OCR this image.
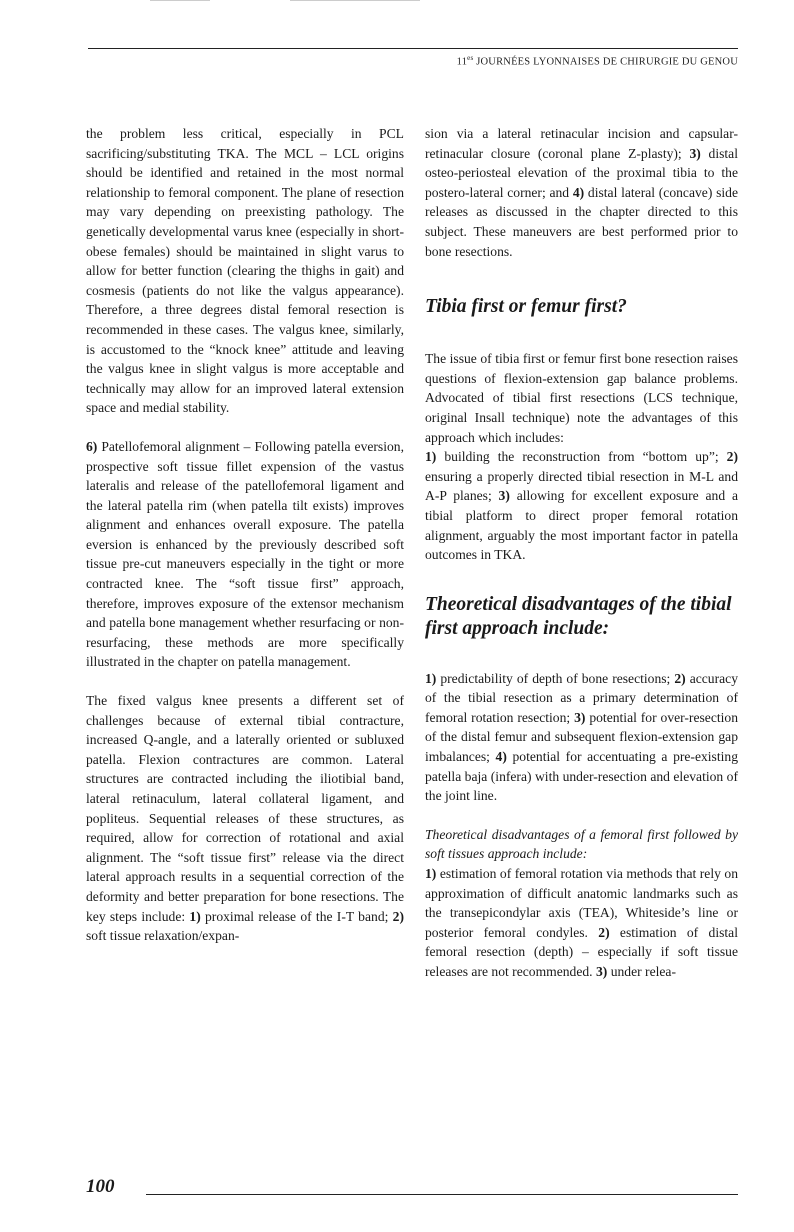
$11^{es}$ JOURNÉES LYONNAISES DE CHIRURGIE DU GENOU

the problem less critical, especially in PCL sacrificing/substituting TKA. The MCL – LCL origins should be identified and retained in the most normal relationship to femoral component. The plane of resection may vary depending on preexisting pathology. The genetically developmental varus knee (especially in short-obese females) should be maintained in slight varus to allow for better function (clearing the thighs in gait) and cosmesis (patients do not like the valgus appearance). Therefore, a three degrees distal femoral resection is recommended in these cases. The valgus knee, similarly, is accustomed to the “knock knee” attitude and leaving the valgus knee in slight valgus is more acceptable and technically may allow for an improved lateral extension space and medial stability.

6) Patellofemoral alignment – Following patella eversion, prospective soft tissue fillet expension of the vastus lateralis and release of the patellofemoral ligament and the lateral patella rim (when patella tilt exists) improves alignment and enhances overall exposure. The patella eversion is enhanced by the previously described soft tissue pre-cut maneuvers especially in the tight or more contracted knee. The “soft tissue first” approach, therefore, improves exposure of the extensor mechanism and patella bone management whether resurfacing or non-resurfacing, these methods are more specifically illustrated in the chapter on patella management.

The fixed valgus knee presents a different set of challenges because of external tibial contracture, increased Q-angle, and a laterally oriented or subluxed patella. Flexion contractures are common. Lateral structures are contracted including the iliotibial band, lateral retinaculum, lateral collateral ligament, and popliteus. Sequential releases of these structures, as required, allow for correction of rotational and axial alignment. The “soft tissue first” release via the direct lateral approach results in a sequential correction of the deformity and better preparation for bone resections. The key steps include: 1) proximal release of the I-T band; 2) soft tissue relaxation/expan-

sion via a lateral retinacular incision and capsular-retinacular closure (coronal plane Z-plasty); 3) distal osteo-periosteal elevation of the proximal tibia to the postero-lateral corner; and 4) distal lateral (concave) side releases as discussed in the chapter directed to this subject. These maneuvers are best performed prior to bone resections.

Tibia first or femur first?

The issue of tibia first or femur first bone resection raises questions of flexion-extension gap balance problems. Advocated of tibial first resections (LCS technique, original Insall technique) note the advantages of this approach which includes:

1) building the reconstruction from “bottom up”; 2) ensuring a properly directed tibial resection in M-L and A-P planes; 3) allowing for excellent exposure and a tibial platform to direct proper femoral rotation alignment, arguably the most important factor in patella outcomes in TKA.

Theoretical disadvantages of the tibial first approach include:

1) predictability of depth of bone resections; 2) accuracy of the tibial resection as a primary determination of femoral rotation resection; 3) potential for over-resection of the distal femur and subsequent flexion-extension gap imbalances; 4) potential for accentuating a pre-existing patella baja (infera) with under-resection and elevation of the joint line.

Theoretical disadvantages of a femoral first followed by soft tissues approach include:

1) estimation of femoral rotation via methods that rely on approximation of difficult anatomic landmarks such as the transepicondylar axis (TEA), Whiteside’s line or posterior femoral condyles. 2) estimation of distal femoral resection (depth) – especially if soft tissue releases are not recommended. 3) under relea-

100
